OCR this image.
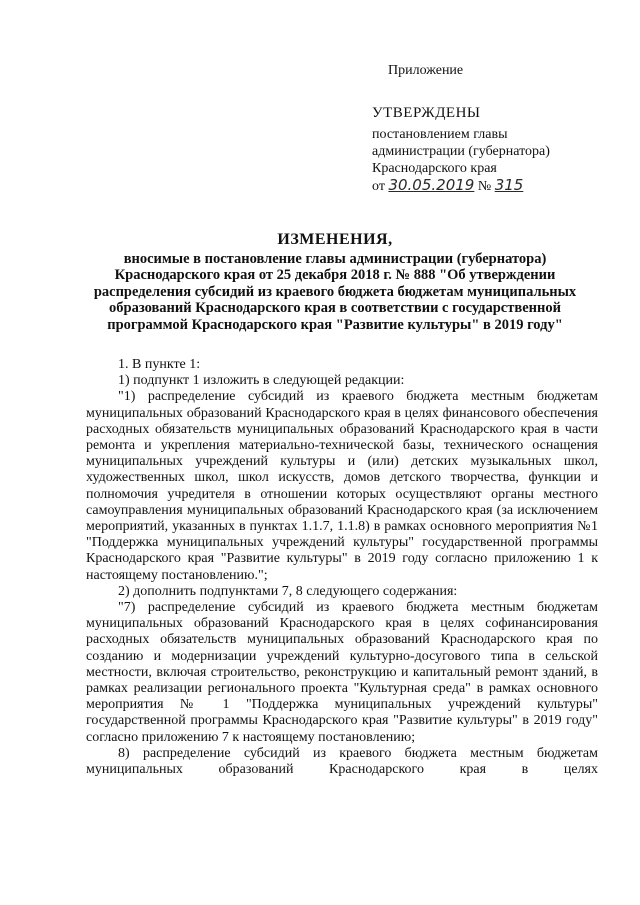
Приложение
УТВЕРЖДЕНЫ
постановлением главы
администрации (губернатора)
Краснодарского края
от 30.05.2019 № 315
ИЗМЕНЕНИЯ,
вносимые в постановление главы администрации (губернатора) Краснодарского края от 25 декабря 2018 г. № 888 "Об утверждении распределения субсидий из краевого бюджета бюджетам муниципальных образований Краснодарского края в соответствии с государственной программой Краснодарского края "Развитие культуры" в 2019 году"

1. В пункте 1:

1) подпункт 1 изложить в следующей редакции:

"1) распределение субсидий из краевого бюджета местным бюджетам муниципальных образований Краснодарского края в целях финансового обеспечения расходных обязательств муниципальных образований Краснодарского края в части ремонта и укрепления материально-технической базы, технического оснащения муниципальных учреждений культуры и (или) детских музыкальных школ, художественных школ, школ искусств, домов детского творчества, функции и полномочия учредителя в отношении которых осуществляют органы местного самоуправления муниципальных образований Краснодарского края (за исключением мероприятий, указанных в пунктах 1.1.7, 1.1.8) в рамках основного мероприятия №1 "Поддержка муниципальных учреждений культуры" государственной программы Краснодарского края "Развитие культуры" в 2019 году согласно приложению 1 к настоящему постановлению.";

2) дополнить подпунктами 7, 8 следующего содержания:

"7) распределение субсидий из краевого бюджета местным бюджетам муниципальных образований Краснодарского края в целях софинансирования расходных обязательств муниципальных образований Краснодарского края по созданию и модернизации учреждений культурно-досугового типа в сельской местности, включая строительство, реконструкцию и капитальный ремонт зданий, в рамках реализации регионального проекта "Культурная среда" в рамках основного мероприятия № 1 "Поддержка муниципальных учреждений культуры" государственной программы Краснодарского края "Развитие культуры" в 2019 году" согласно приложению 7 к настоящему постановлению;

8) распределение субсидий из краевого бюджета местным бюджетам муниципальных образований Краснодарского края в целях
